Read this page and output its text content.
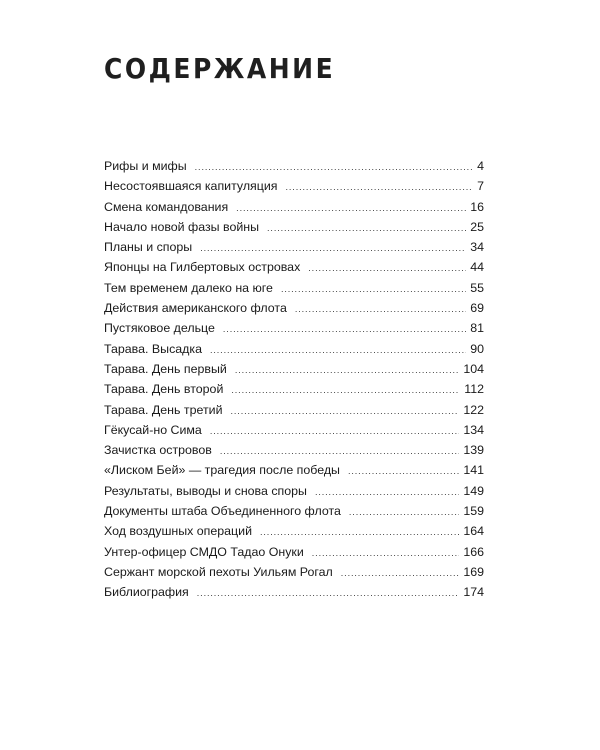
СОДЕРЖАНИЕ
Рифы и мифы .....	4
Несостоявшаяся капитуляция .....	7
Смена командования .....	16
Начало новой фазы войны .....	25
Планы и споры .....	34
Японцы на Гилбертовых островах .....	44
Тем временем далеко на юге .....	55
Действия американского флота .....	69
Пустяковое дельце .....	81
Тарава. Высадка .....	90
Тарава. День первый .....	104
Тарава. День второй .....	112
Тарава. День третий .....	122
Гёкусай-но Сима .....	134
Зачистка островов .....	139
«Лиском Бей» — трагедия после победы .....	141
Результаты, выводы и снова споры .....	149
Документы штаба Объединенного флота .....	159
Ход воздушных операций .....	164
Унтер-офицер СМДО Тадао Онуки .....	166
Сержант морской пехоты Уильям Рогал .....	169
Библиография .....	174
